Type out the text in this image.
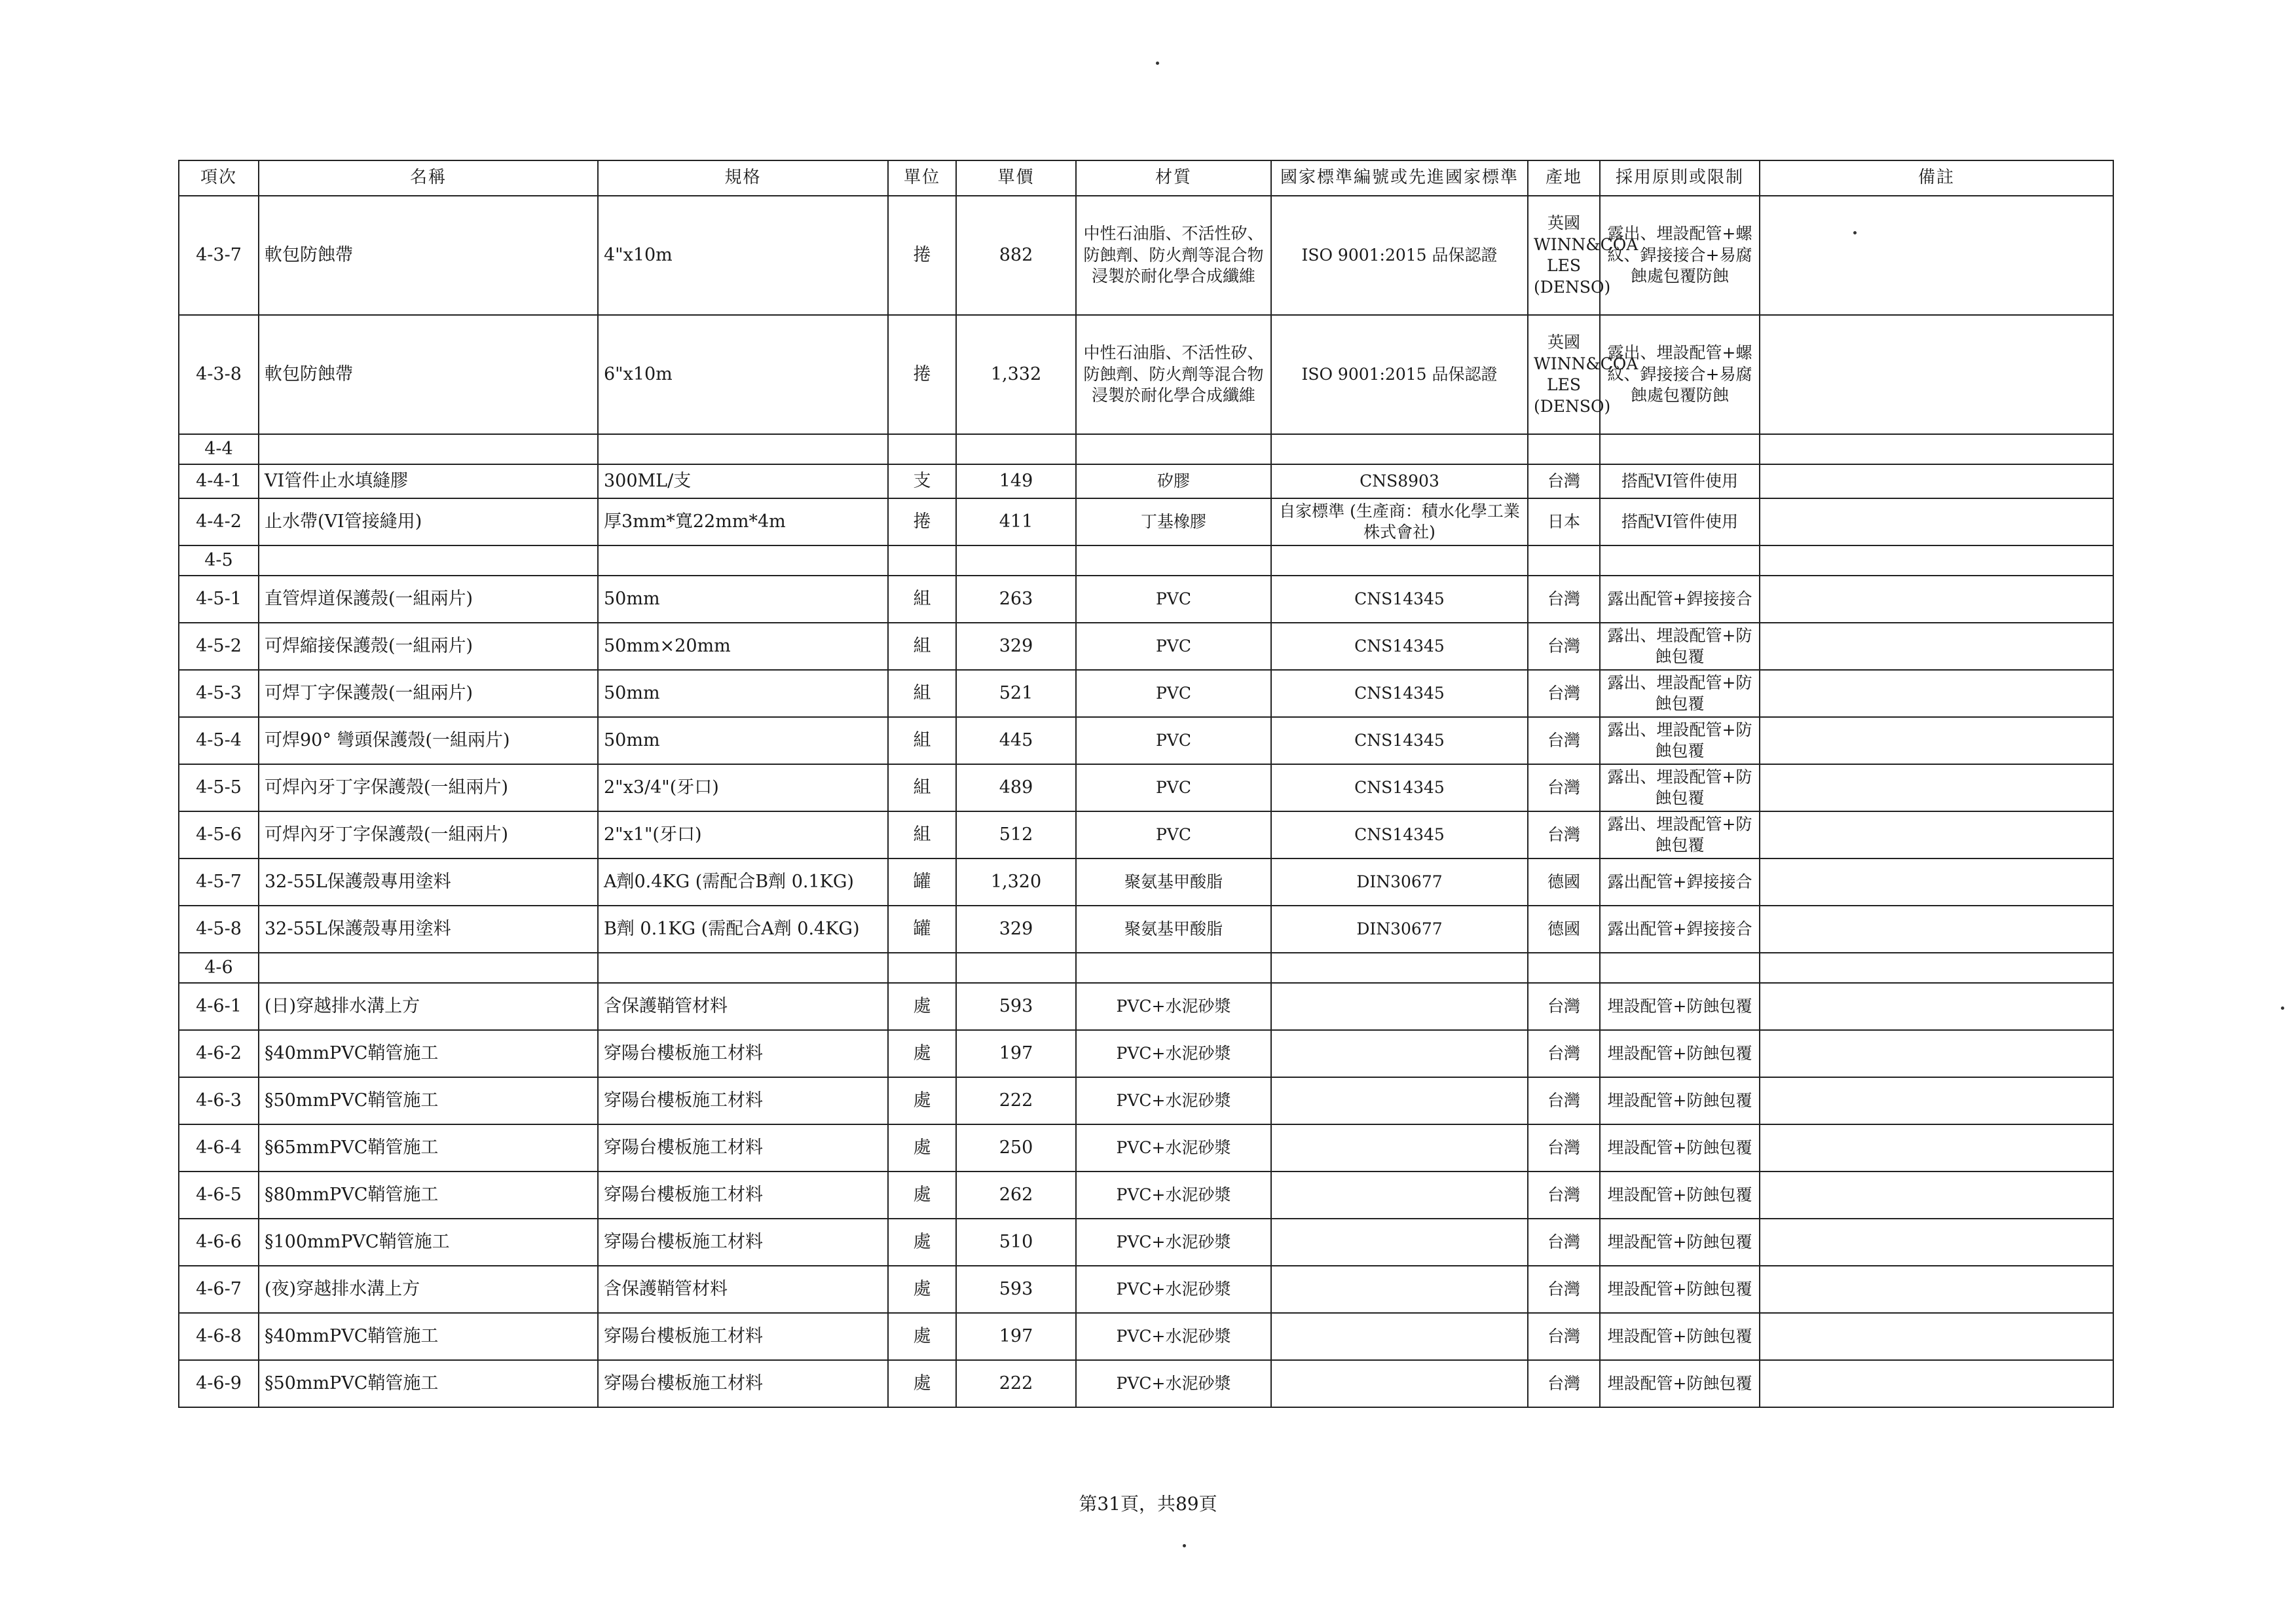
項次	名稱	規格	單位	單價	材質	國家標準編號或先進國家標準	產地	採用原則或限制	備註
4-3-7	軟包防蝕帶	4"x10m	捲	882	中性石油脂、不活性矽、防蝕劑、防火劑等混合物浸製於耐化學合成纖維	ISO 9001:2015 品保認證	英國 WINN&COA LES (DENSO)	露出、埋設配管+螺紋、銲接接合+易腐蝕處包覆防蝕	
4-3-8	軟包防蝕帶	6"x10m	捲	1,332	中性石油脂、不活性矽、防蝕劑、防火劑等混合物浸製於耐化學合成纖維	ISO 9001:2015 品保認證	英國 WINN&COA LES (DENSO)	露出、埋設配管+螺紋、銲接接合+易腐蝕處包覆防蝕	
4-4									
4-4-1	VI管件止水填縫膠	300ML/支	支	149	矽膠	CNS8903	台灣	搭配VI管件使用	
4-4-2	止水帶(VI管接縫用)	厚3mm*寬22mm*4m	捲	411	丁基橡膠	自家標準 (生產商：積水化學工業株式會社)	日本	搭配VI管件使用	
4-5									
4-5-1	直管焊道保護殼(一組兩片)	50mm	組	263	PVC	CNS14345	台灣	露出配管+銲接接合	
4-5-2	可焊縮接保護殼(一組兩片)	50mm×20mm	組	329	PVC	CNS14345	台灣	露出、埋設配管+防蝕包覆	
4-5-3	可焊丁字保護殼(一組兩片)	50mm	組	521	PVC	CNS14345	台灣	露出、埋設配管+防蝕包覆	
4-5-4	可焊90° 彎頭保護殼(一組兩片)	50mm	組	445	PVC	CNS14345	台灣	露出、埋設配管+防蝕包覆	
4-5-5	可焊內牙丁字保護殼(一組兩片)	2"x3/4"(牙口)	組	489	PVC	CNS14345	台灣	露出、埋設配管+防蝕包覆	
4-5-6	可焊內牙丁字保護殼(一組兩片)	2"x1"(牙口)	組	512	PVC	CNS14345	台灣	露出、埋設配管+防蝕包覆	
4-5-7	32-55L保護殼專用塗料	A劑0.4KG (需配合B劑 0.1KG)	罐	1,320	聚氨基甲酸脂	DIN30677	德國	露出配管+銲接接合	
4-5-8	32-55L保護殼專用塗料	B劑 0.1KG (需配合A劑 0.4KG)	罐	329	聚氨基甲酸脂	DIN30677	德國	露出配管+銲接接合	
4-6									
4-6-1	(日)穿越排水溝上方	含保護鞘管材料	處	593	PVC+水泥砂漿		台灣	埋設配管+防蝕包覆	
4-6-2	§40mmPVC鞘管施工	穿陽台樓板施工材料	處	197	PVC+水泥砂漿		台灣	埋設配管+防蝕包覆	
4-6-3	§50mmPVC鞘管施工	穿陽台樓板施工材料	處	222	PVC+水泥砂漿		台灣	埋設配管+防蝕包覆	
4-6-4	§65mmPVC鞘管施工	穿陽台樓板施工材料	處	250	PVC+水泥砂漿		台灣	埋設配管+防蝕包覆	
4-6-5	§80mmPVC鞘管施工	穿陽台樓板施工材料	處	262	PVC+水泥砂漿		台灣	埋設配管+防蝕包覆	
4-6-6	§100mmPVC鞘管施工	穿陽台樓板施工材料	處	510	PVC+水泥砂漿		台灣	埋設配管+防蝕包覆	
4-6-7	(夜)穿越排水溝上方	含保護鞘管材料	處	593	PVC+水泥砂漿		台灣	埋設配管+防蝕包覆	
4-6-8	§40mmPVC鞘管施工	穿陽台樓板施工材料	處	197	PVC+水泥砂漿		台灣	埋設配管+防蝕包覆	
4-6-9	§50mmPVC鞘管施工	穿陽台樓板施工材料	處	222	PVC+水泥砂漿		台灣	埋設配管+防蝕包覆	
第31頁，共89頁
